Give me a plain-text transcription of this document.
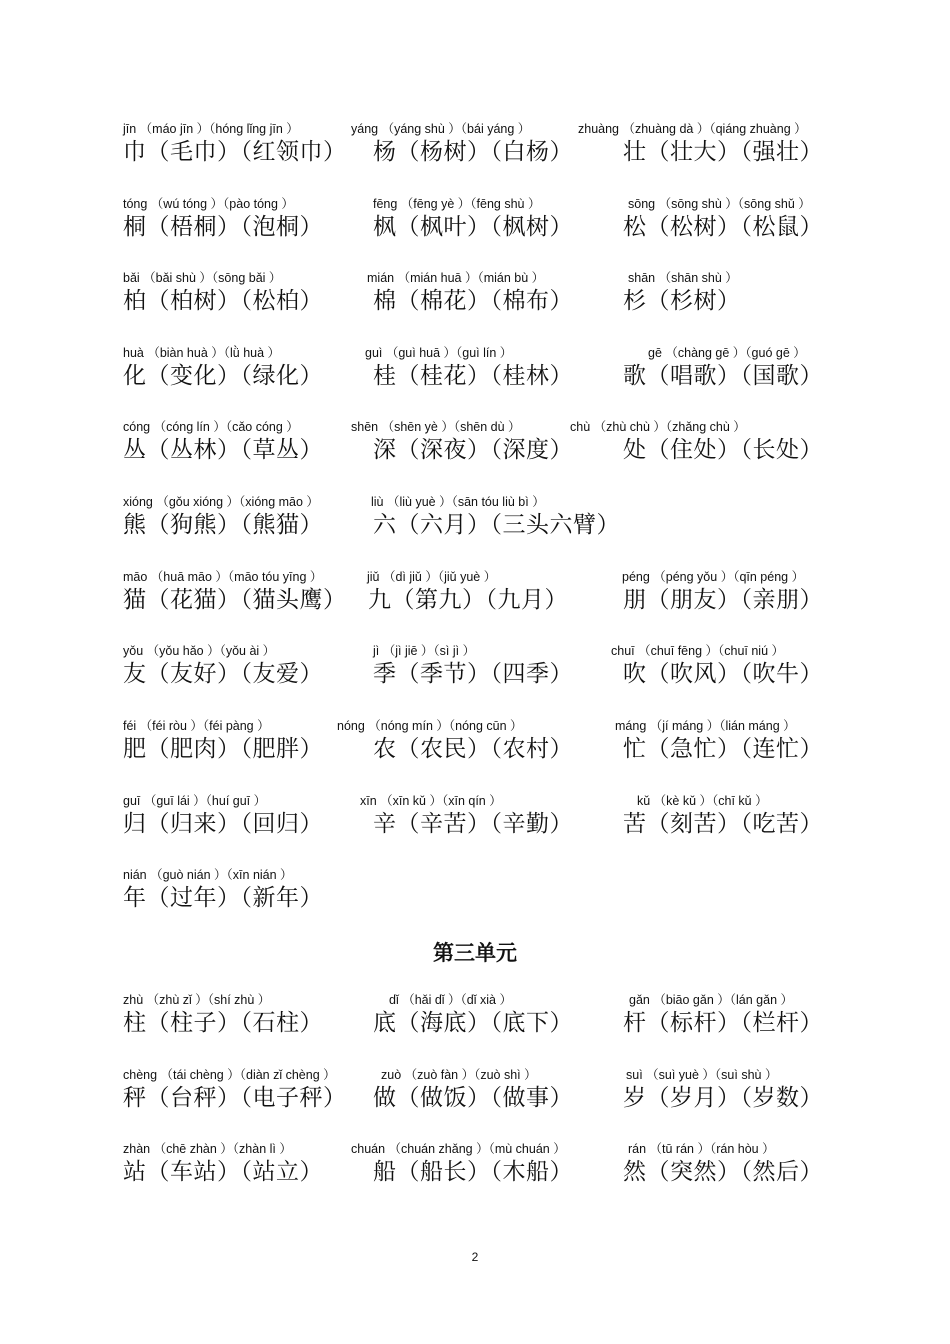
jīn （máo jīn ）（hóng lǐng jīn ）
巾（毛巾）（红领巾）
yáng （yáng shù ）（bái yáng ）
杨（杨树）（白杨）
zhuàng （zhuàng dà ）（qiáng zhuàng ）
壮（壮大）（强壮）
tóng （wú tóng ）（pào tóng ）
桐（梧桐）（泡桐）
fēng （fēng yè ）（fēng shù ）
枫（枫叶）（枫树）
sōng （sōng shù ）（sōng shǔ ）
松（松树）（松鼠）
bǎi （bǎi shù ）（sōng bǎi ）
柏（柏树）（松柏）
mián （mián huā ）（mián bù ）
棉（棉花）（棉布）
shān （shān shù ）
杉（杉树）
huà （biàn huà ）（lǜ huà ）
化（变化）（绿化）
guì （guì huā ）（guì lín ）
桂（桂花）（桂林）
gē （chàng gē ）（guó gē ）
歌（唱歌）（国歌）
cóng （cóng lín ）（cǎo cóng ）
丛（丛林）（草丛）
shēn （shēn yè ）（shēn dù ）
深（深夜）（深度）
chù （zhù chù ）（zhǎng chù ）
处（住处）（长处）
xióng （gǒu xióng ）（xióng māo ）
熊（狗熊）（熊猫）
liù （liù yuè ）（sān tóu liù bì ）
六（六月）（三头六臂）
māo （huā māo ）（māo tóu yīng ）
猫（花猫）（猫头鹰）
jiǔ （dì jiǔ ）（jiǔ yuè ）
九（第九）（九月）
péng （péng yǒu ）（qīn péng ）
朋（朋友）（亲朋）
yǒu （yǒu hǎo ）（yǒu ài ）
友（友好）（友爱）
jì （jì jiē ）（sì jì ）
季（季节）（四季）
chuī （chuī fēng ）（chuī niú ）
吹（吹风）（吹牛）
féi （féi ròu ）（féi pàng ）
肥（肥肉）（肥胖）
nóng （nóng mín ）（nóng cūn ）
农（农民）（农村）
máng （jí máng ）（lián máng ）
忙（急忙）（连忙）
guī （guī lái ）（huí guī ）
归（归来）（回归）
xīn （xīn kǔ ）（xīn qín ）
辛（辛苦）（辛勤）
kǔ （kè kǔ ）（chī kǔ ）
苦（刻苦）（吃苦）
nián （guò nián ）（xīn nián ）
年（过年）（新年）
第三单元
zhù （zhù zǐ ）（shí zhù ）
柱（柱子）（石柱）
dǐ （hǎi dǐ ）（dǐ xià ）
底（海底）（底下）
gǎn （biāo gǎn ）（lán gǎn ）
杆（标杆）（栏杆）
chèng （tái chèng ）（diàn zǐ chèng ）
秤（台秤）（电子秤）
zuò （zuò fàn ）（zuò shì ）
做（做饭）（做事）
suì （suì yuè ）（suì shù ）
岁（岁月）（岁数）
zhàn （chē zhàn ）（zhàn lì ）
站（车站）（站立）
chuán （chuán zhǎng ）（mù chuán ）
船（船长）（木船）
rán （tū rán ）（rán hòu ）
然（突然）（然后）
2
